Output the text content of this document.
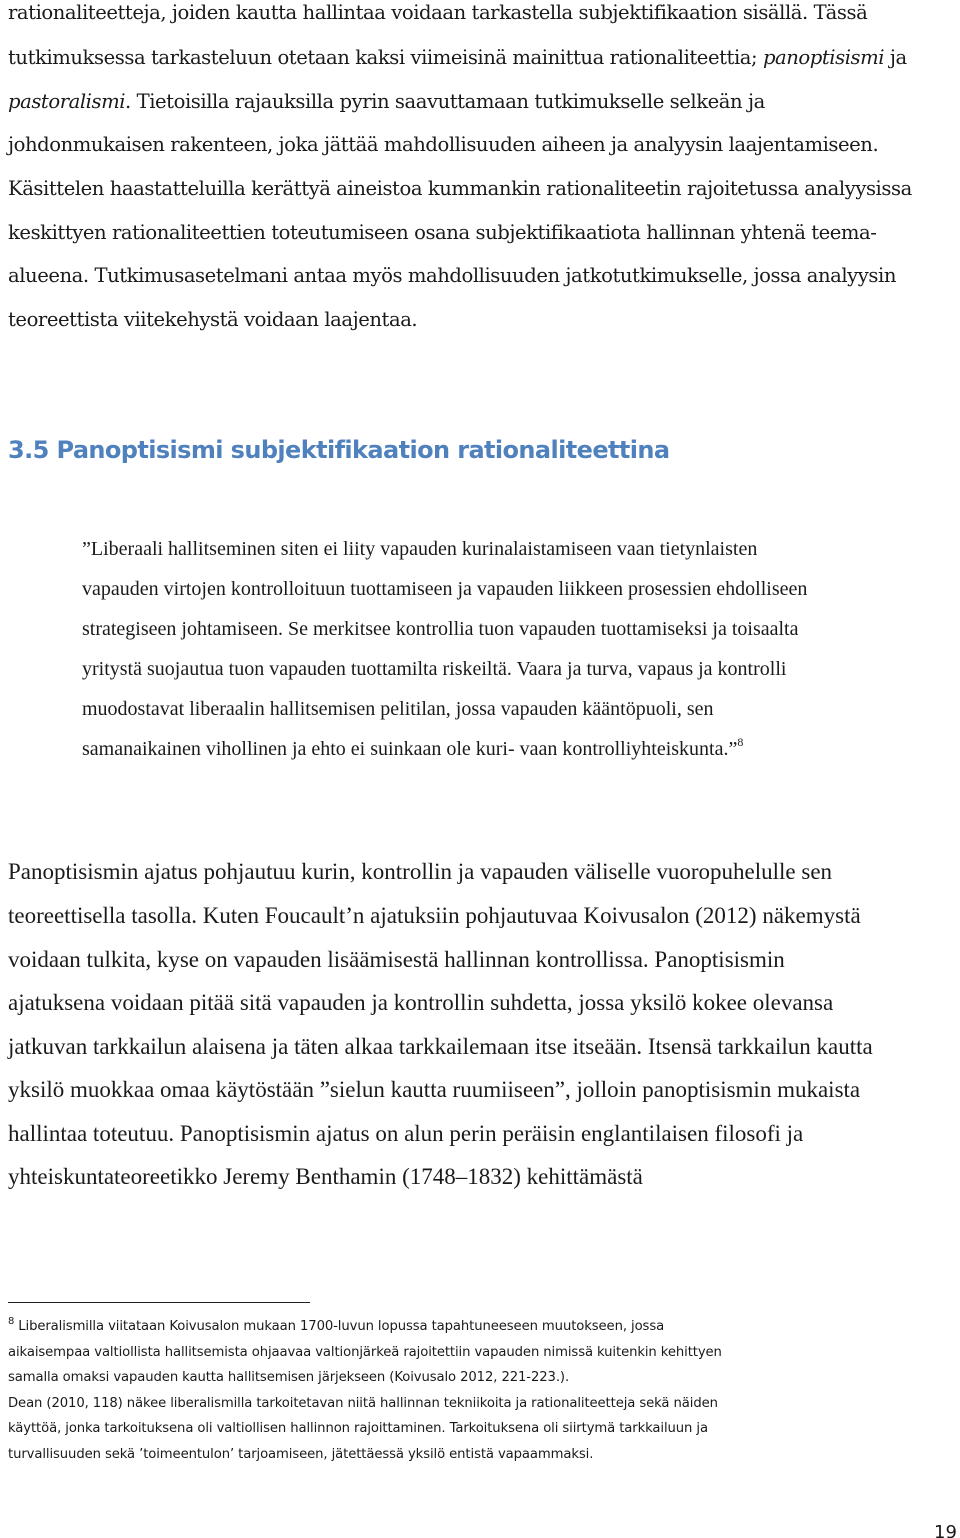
rationaliteetteja, joiden kautta hallintaa voidaan tarkastella subjektifikaation sisällä. Tässä
tutkimuksessa tarkasteluun otetaan kaksi viimeisinä mainittua rationaliteettia; panoptisismi ja
pastoralismi. Tietoisilla rajauksilla pyrin saavuttamaan tutkimukselle selkeän ja
johdonmukaisen rakenteen, joka jättää mahdollisuuden aiheen ja analyysin laajentamiseen.
Käsittelen haastatteluilla kerättyä aineistoa kummankin rationaliteetin rajoitetussa analyysissa
keskittyen rationaliteettien toteutumiseen osana subjektifikaatiota hallinnan yhtenä teema-
alueena. Tutkimusasetelmani antaa myös mahdollisuuden jatkotutkimukselle, jossa analyysin
teoreettista viitekehystä voidaan laajentaa.
3.5 Panoptisismi subjektifikaation rationaliteettina
”Liberaali hallitseminen siten ei liity vapauden kurinalaistamiseen vaan tietynlaisten
vapauden virtojen kontrolloituun tuottamiseen ja vapauden liikkeen prosessien ehdolliseen
strategiseen johtamiseen. Se merkitsee kontrollia tuon vapauden tuottamiseksi ja toisaalta
yritystä suojautua tuon vapauden tuottamilta riskeiltä. Vaara ja turva, vapaus ja kontrolli
muodostavat liberaalin hallitsemisen pelitilan, jossa vapauden kääntöpuoli, sen
samanaikainen vihollinen ja ehto ei suinkaan ole kuri- vaan kontrolliyhteiskunta.”$^8$
Panoptisismin ajatus pohjautuu kurin, kontrollin ja vapauden väliselle vuoropuhelulle sen
teoreettisella tasolla. Kuten Foucault’n ajatuksiin pohjautuvaa Koivusalon (2012) näkemystä
voidaan tulkita, kyse on vapauden lisäämisestä hallinnan kontrollissa. Panoptisismin
ajatuksena voidaan pitää sitä vapauden ja kontrollin suhdetta, jossa yksilö kokee olevansa
jatkuvan tarkkailun alaisena ja täten alkaa tarkkailemaan itse itseään. Itsensä tarkkailun kautta
yksilö muokkaa omaa käytöstään ”sielun kautta ruumiiseen”, jolloin panoptisismin mukaista
hallintaa toteutuu. Panoptisismin ajatus on alun perin peräisin englantilaisen filosofi ja
yhteiskuntateoreetikko Jeremy Benthamin (1748–1832) kehittämästä
$^8$ Liberalismilla viitataan Koivusalon mukaan 1700-luvun lopussa tapahtuneeseen muutokseen, jossa
aikaisempaa valtiollista hallitsemista ohjaavaa valtionjärkeä rajoitettiin vapauden nimissä kuitenkin kehittyen
samalla omaksi vapauden kautta hallitsemisen järjekseen (Koivusalo 2012, 221-223.).
Dean (2010, 118) näkee liberalismilla tarkoitetavan niitä hallinnan tekniikoita ja rationaliteetteja sekä näiden
käyttöä, jonka tarkoituksena oli valtiollisen hallinnon rajoittaminen. Tarkoituksena oli siirtymä tarkkailuun ja
turvallisuuden sekä ’toimeentulon’ tarjoamiseen, jätettäessä yksilö entistä vapaammaksi.
19
